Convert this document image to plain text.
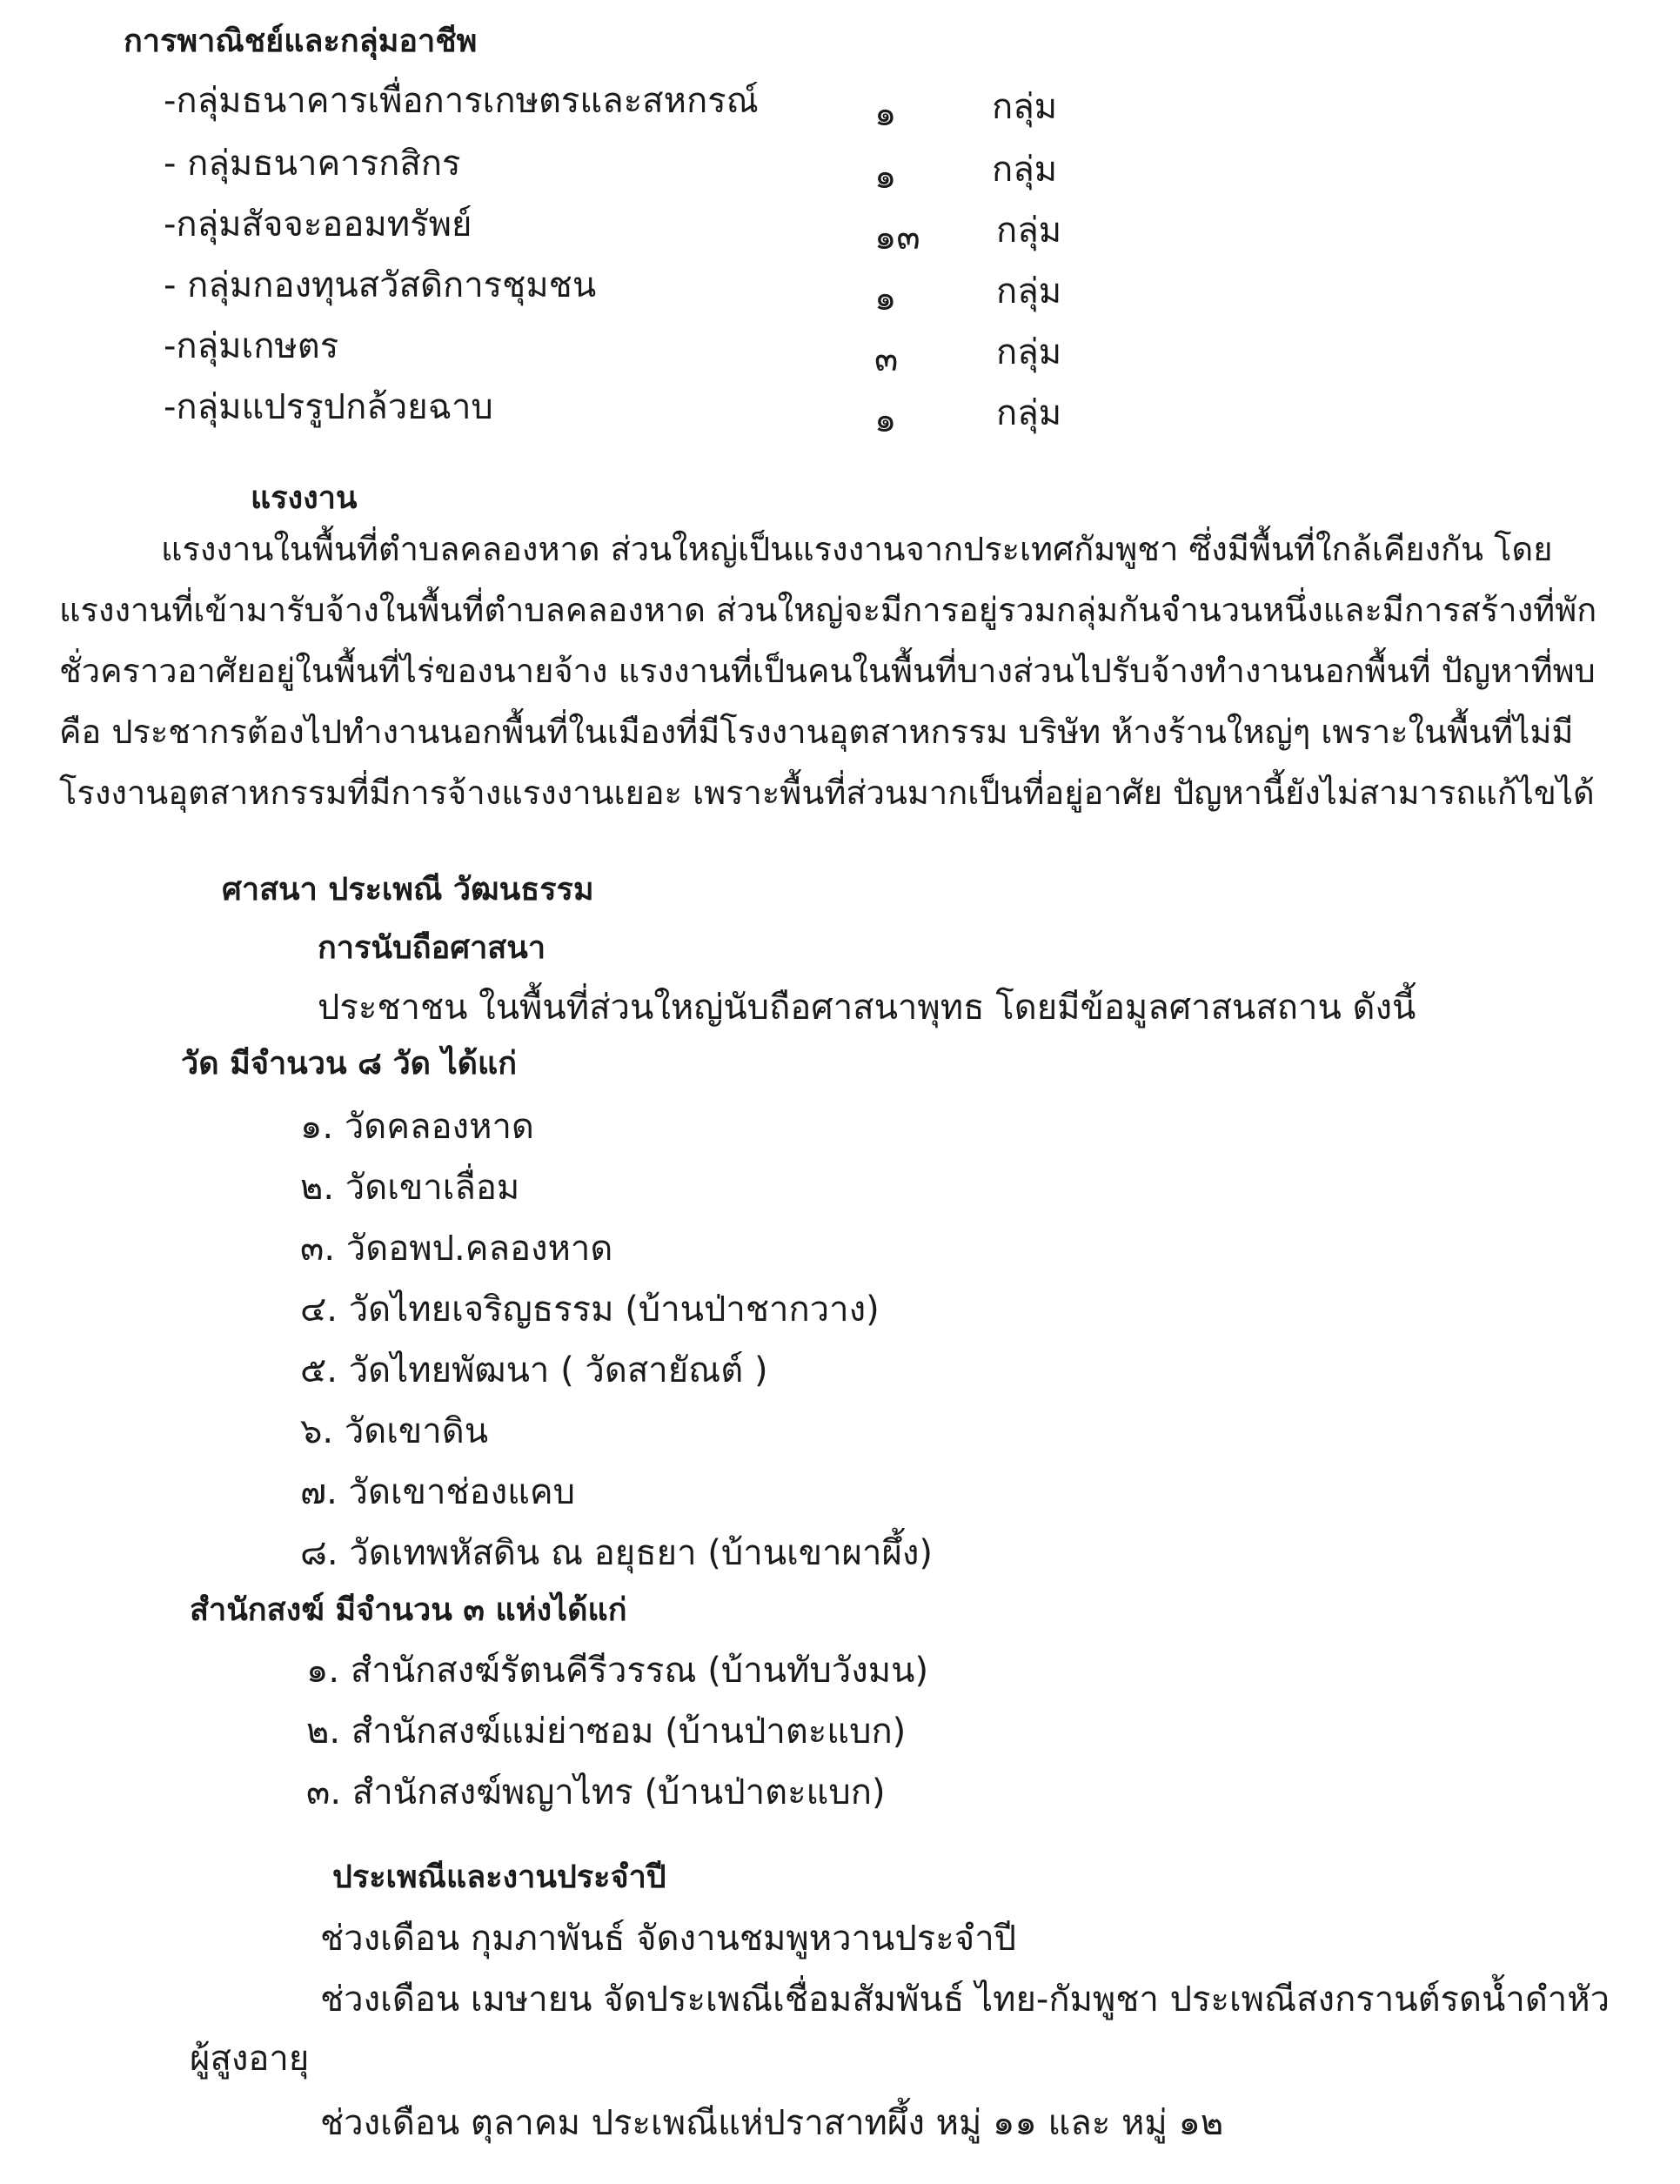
การพาณิชย์และกลุ่มอาชีพ
-กลุ่มธนาคารเพื่อการเกษตรและสหกรณ์	๑	กลุ่ม
- กลุ่มธนาคารกสิกร	๑	กลุ่ม
-กลุ่มสัจจะออมทรัพย์	๑๓ กลุ่ม
- กลุ่มกองทุนสวัสดิการชุมชน	๑	กลุ่ม
-กลุ่มเกษตร	๓	กลุ่ม
-กลุ่มแปรรูปกล้วยฉาบ	๑	กลุ่ม
แรงงาน
แรงงานในพื้นที่ตำบลคลองหาด ส่วนใหญ่เป็นแรงงานจากประเทศกัมพูชา ซึ่งมีพื้นที่ใกล้เคียงกัน โดย
แรงงานที่เข้ามารับจ้างในพื้นที่ตำบลคลองหาด ส่วนใหญ่จะมีการอยู่รวมกลุ่มกันจำนวนหนึ่งและมีการสร้างที่พัก
ชั่วคราวอาศัยอยู่ในพื้นที่ไร่ของนายจ้าง แรงงานที่เป็นคนในพื้นที่บางส่วนไปรับจ้างทำงานนอกพื้นที่ ปัญหาที่พบ
คือ ประชากรต้องไปทำงานนอกพื้นที่ในเมืองที่มีโรงงานอุตสาหกรรม บริษัท ห้างร้านใหญ่ๆ เพราะในพื้นที่ไม่มี
โรงงานอุตสาหกรรมที่มีการจ้างแรงงานเยอะ เพราะพื้นที่ส่วนมากเป็นที่อยู่อาศัย ปัญหานี้ยังไม่สามารถแก้ไขได้
ศาสนา ประเพณี วัฒนธรรม
การนับถือศาสนา
ประชาชน ในพื้นที่ส่วนใหญ่นับถือศาสนาพุทธ โดยมีข้อมูลศาสนสถาน ดังนี้
วัด มีจำนวน ๘ วัด ได้แก่
๑. วัดคลองหาด
๒. วัดเขาเลื่อม
๓. วัดอพป.คลองหาด
๔. วัดไทยเจริญธรรม (บ้านป่าชากวาง)
๕. วัดไทยพัฒนา ( วัดสายัณต์ )
๖. วัดเขาดิน
๗. วัดเขาช่องแคบ
๘. วัดเทพหัสดิน ณ อยุธยา (บ้านเขาผาผึ้ง)
สำนักสงฆ์ มีจำนวน ๓ แห่งได้แก่
๑. สำนักสงฆ์รัตนคีรีวรรณ (บ้านทับวังมน)
๒. สำนักสงฆ์แม่ย่าซอม (บ้านป่าตะแบก)
๓. สำนักสงฆ์พญาไทร (บ้านป่าตะแบก)
ประเพณีและงานประจำปี
ช่วงเดือน กุมภาพันธ์ จัดงานชมพูหวานประจำปี
ช่วงเดือน เมษายน จัดประเพณีเชื่อมสัมพันธ์ ไทย-กัมพูชา ประเพณีสงกรานต์รดน้ำดำหัว
ผู้สูงอายุ
ช่วงเดือน ตุลาคม ประเพณีแห่ปราสาทผึ้ง หมู่ ๑๑ และ หมู่ ๑๒
